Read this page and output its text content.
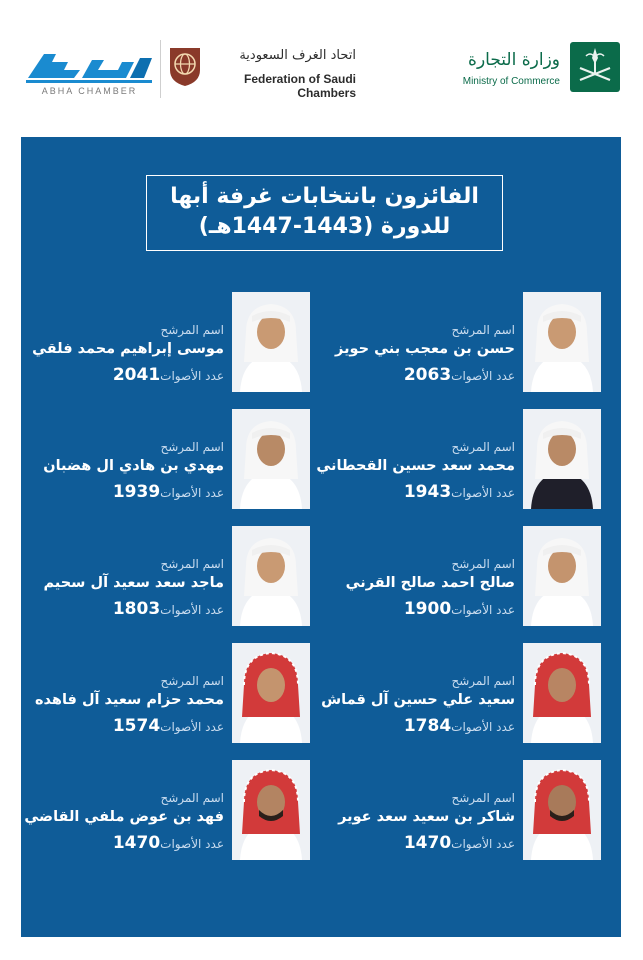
ABHA CHAMBER
اتحاد الغرف السعودية
Federation of Saudi Chambers
وزارة التجارة
Ministry of Commerce
الفائزون بانتخابات غرفة أبها
للدورة (1443-1447هـ)
اسم المرشح
حسن بن معجب بني حويز
عدد الأصوات2063
اسم المرشح
موسى إبراهيم محمد فلقي
عدد الأصوات2041
اسم المرشح
محمد سعد حسين القحطاني
عدد الأصوات1943
اسم المرشح
مهدي بن هادي ال هضبان
عدد الأصوات1939
اسم المرشح
صالح احمد صالح القرني
عدد الأصوات1900
اسم المرشح
ماجد سعد سعيد آل سحيم
عدد الأصوات1803
اسم المرشح
سعيد علي حسين آل قماش
عدد الأصوات1784
اسم المرشح
محمد حزام سعيد آل فاهده
عدد الأصوات1574
اسم المرشح
شاكر بن سعيد سعد عوير
عدد الأصوات1470
اسم المرشح
فهد بن عوض ملفي القاضي
عدد الأصوات1470
